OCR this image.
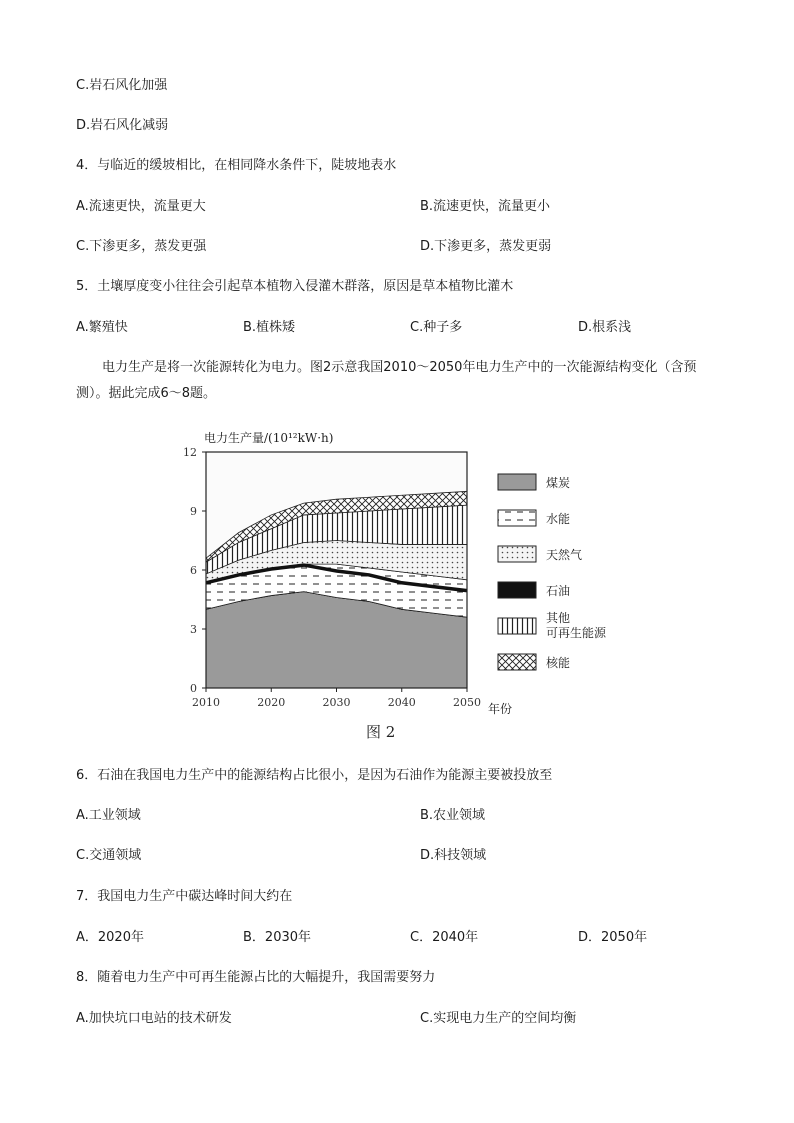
C.岩石风化加强
D.岩石风化减弱
4．与临近的缓坡相比，在相同降水条件下，陡坡地表水
A.流速更快，流量更大	B.流速更快，流量更小
C.下渗更多，蒸发更强	D.下渗更多，蒸发更弱
5．土壤厚度变小往往会引起草本植物入侵灌木群落，原因是草本植物比灌木
A.繁殖快	B.植株矮	C.种子多	D.根系浅
电力生产是将一次能源转化为电力。图2示意我国2010～2050年电力生产中的一次能源结构变化（含预测）。据此完成6～8题。
0
3
6
9
12
2010	2020	2030	2040	2050
煤炭
水能
天然气
石油
其他
可再生能源
核能
电力生产量/(10¹²kW·h)
年份
图 2
6．石油在我国电力生产中的能源结构占比很小，是因为石油作为能源主要被投放至
A.工业领域	B.农业领域
C.交通领域	D.科技领域
7．我国电力生产中碳达峰时间大约在
A．2020年	B．2030年	C．2040年	D．2050年
8．随着电力生产中可再生能源占比的大幅提升，我国需要努力
A.加快坑口电站的技术研发	C.实现电力生产的空间均衡
